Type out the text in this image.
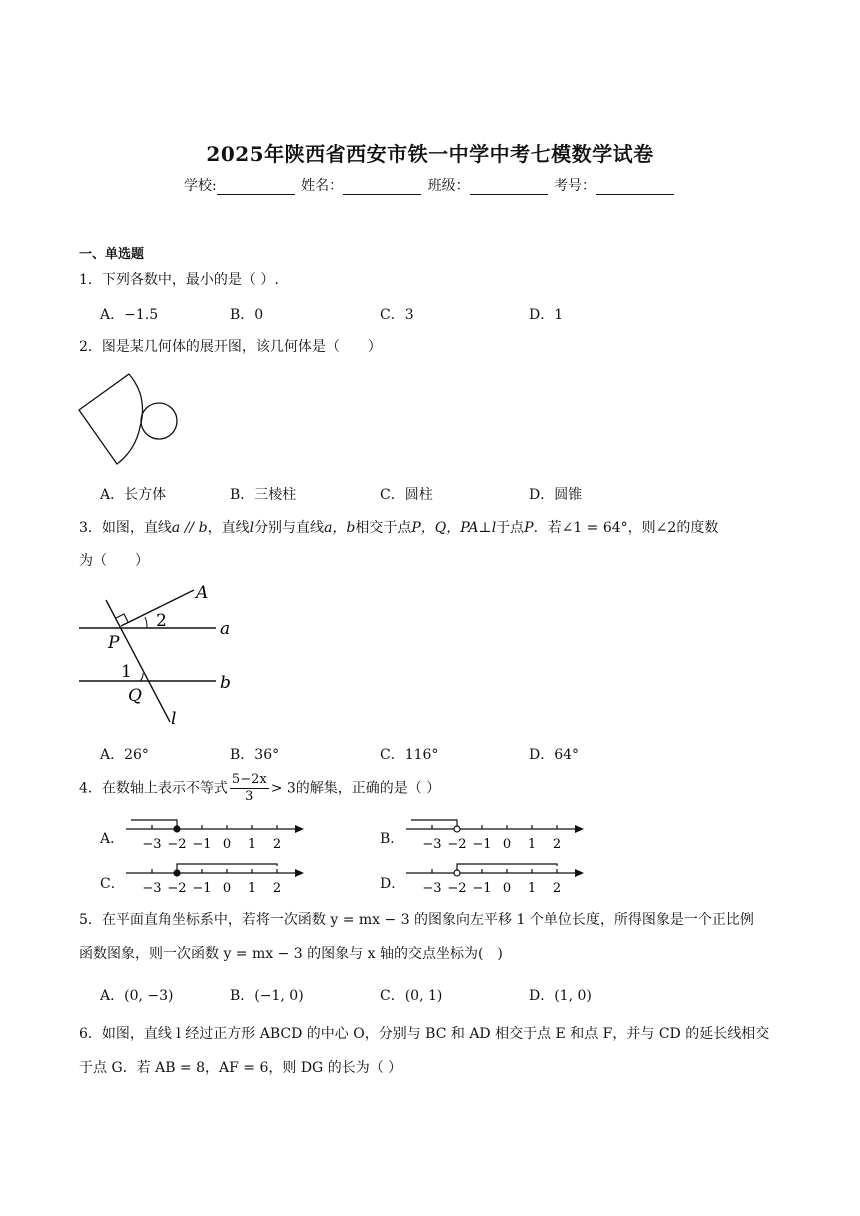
2025年陕西省西安市铁一中学中考七模数学试卷
学校:	姓名：	班级：	考号：
一、单选题
1．下列各数中，最小的是（ ）.
A．−1.5	B．0	C．3	D．1
2．图是某几何体的展开图，该几何体是（　　）
A．长方体	B．三棱柱	C．圆柱	D．圆锥
3．如图，直线a // b，直线l分别与直线a，b相交于点P，Q，PA⊥l于点P．若∠1 = 64°，则∠2的度数
为（　　）
A
2	a
P
1
b
Q
l
A．26°	B．36°	C．116°	D．64°
4．在数轴上表示不等式 $\frac{5-2x}{3} > 3$的解集，正确的是（ ）
A．	B．
C．	D．
−3 −2 −1 0 1 2	−3 −2 −1 0 1 2
−3 −2 −1 0 1 2	−3 −2 −1 0 1 2
5．在平面直角坐标系中，若将一次函数 y = mx − 3 的图象向左平移 1 个单位长度，所得图象是一个正比例
函数图象，则一次函数 y = mx − 3 的图象与 x 轴的交点坐标为(　)
A．(0, −3)	B．(−1, 0)	C．(0, 1)	D．(1, 0)
6．如图，直线 l 经过正方形 ABCD 的中心 O，分别与 BC 和 AD 相交于点 E 和点 F，并与 CD 的延长线相交
于点 G．若 AB = 8，AF = 6，则 DG 的长为（ ）
